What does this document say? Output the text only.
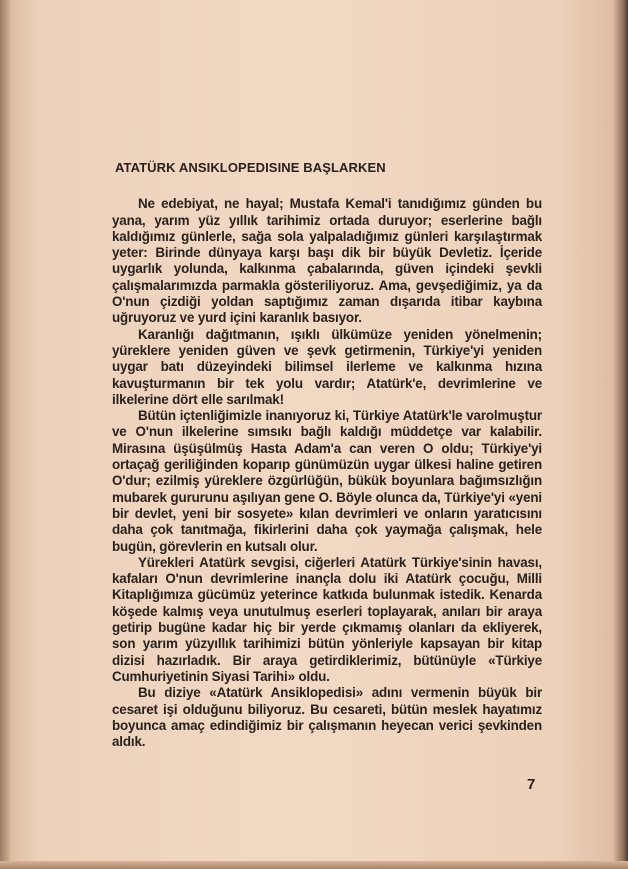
ATATÜRK ANSIKLOPEDISINE BAŞLARKEN

Ne edebiyat, ne hayal; Mustafa Kemal'i tanıdığımız günden bu yana, yarım yüz yıllık tarihimiz ortada duruyor; eserlerine bağlı kaldığımız günlerle, sağa sola yalpaladığımız günleri karşılaştırmak yeter: Birinde dünyaya karşı başı dik bir büyük Devletiz. İçeride uygarlık yolunda, kalkınma çabalarında, güven içindeki şevkli çalışmalarımızda parmakla gösteriliyoruz. Ama, gevşediğimiz, ya da O'nun çizdiği yoldan saptığımız zaman dışarıda itibar kaybına uğruyoruz ve yurd içini karanlık basıyor.

Karanlığı dağıtmanın, ışıklı ülkümüze yeniden yönelmenin; yüreklere yeniden güven ve şevk getirmenin, Türkiye'yi yeniden uygar batı düzeyindeki bilimsel ilerleme ve kalkınma hızına kavuşturmanın bir tek yolu vardır; Atatürk'e, devrimlerine ve ilkelerine dört elle sarılmak!

Bütün içtenliğimizle inanıyoruz ki, Türkiye Atatürk'le varolmuştur ve O'nun ilkelerine sımsıkı bağlı kaldığı müddetçe var kalabilir. Mirasına üşüşülmüş Hasta Adam'a can veren O oldu; Türkiye'yi ortaçağ geriliğinden koparıp günümüzün uygar ülkesi haline getiren O'dur; ezilmiş yüreklere özgürlüğün, bükük boyunlara bağımsızlığın mubarek gururunu aşılıyan gene O. Böyle olunca da, Türkiye'yi «yeni bir devlet, yeni bir sosyete» kılan devrimleri ve onların yaratıcısını daha çok tanıtmağa, fikirlerini daha çok yaymağa çalışmak, hele bugün, görevlerin en kutsalı olur.

Yürekleri Atatürk sevgisi, ciğerleri Atatürk Türkiye'sinin havası, kafaları O'nun devrimlerine inançla dolu iki Atatürk çocuğu, Milli Kitaplığımıza gücümüz yeterince katkıda bulunmak istedik. Kenarda köşede kalmış veya unutulmuş eserleri toplayarak, anıları bir araya getirip bugüne kadar hiç bir yerde çıkmamış olanları da ekliyerek, son yarım yüzyıllık tarihimizi bütün yönleriyle kapsayan bir kitap dizisi hazırladık. Bir araya getirdiklerimiz, bütünüyle «Türkiye Cumhuriyetinin Siyasi Tarihi» oldu.

Bu diziye «Atatürk Ansiklopedisi» adını vermenin büyük bir cesaret işi olduğunu biliyoruz. Bu cesareti, bütün meslek hayatımız boyunca amaç edindiğimiz bir çalışmanın heyecan verici şevkinden aldık.

7
